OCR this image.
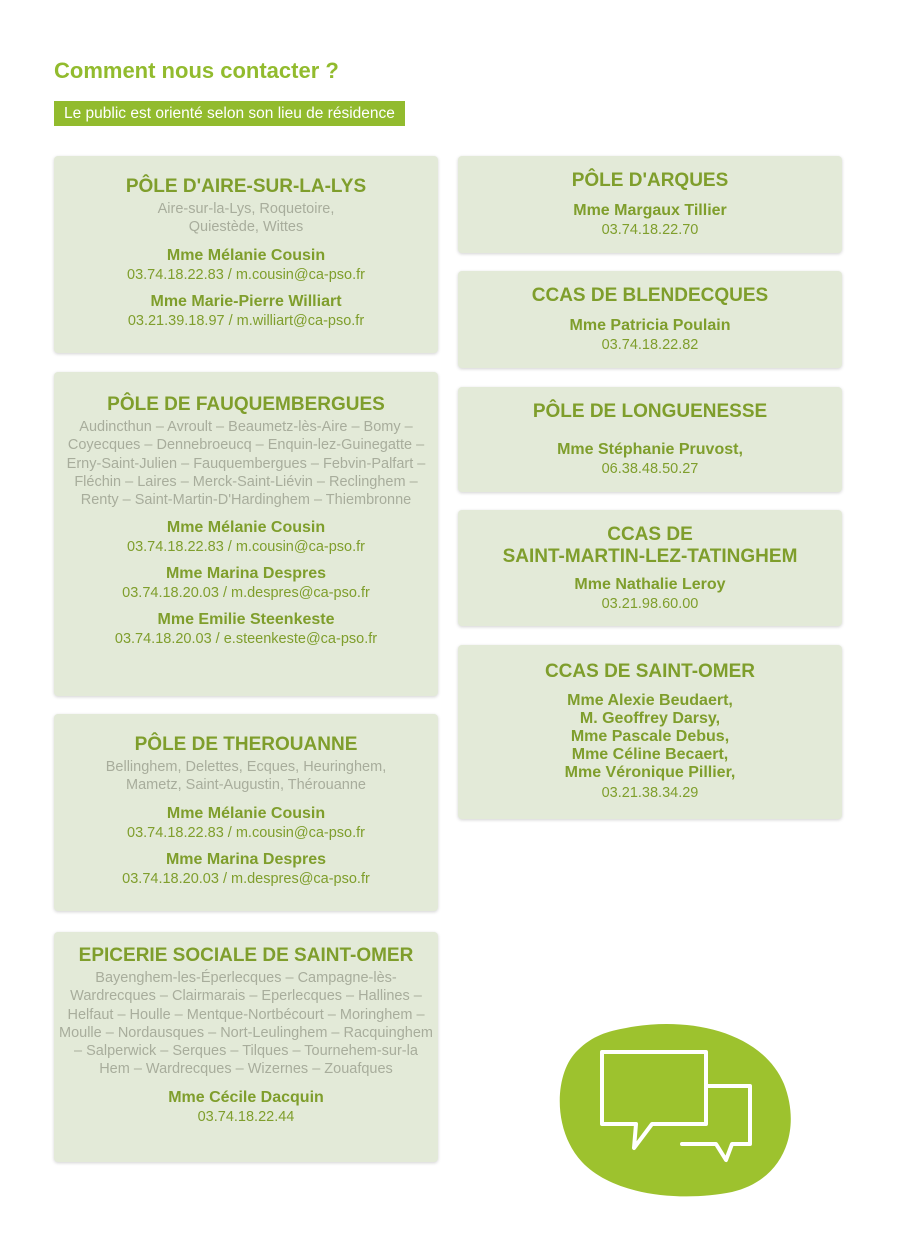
Comment nous contacter ?
Le public est orienté selon son lieu de résidence
PÔLE D'AIRE-SUR-LA-LYS

Aire-sur-la-Lys, Roquetoire, Quiestède, Wittes

Mme Mélanie Cousin
03.74.18.22.83 / m.cousin@ca-pso.fr
Mme Marie-Pierre Williart
03.21.39.18.97 / m.williart@ca-pso.fr
PÔLE DE FAUQUEMBERGUES

Audincthun – Avroult – Beaumetz-lès-Aire – Bomy – Coyecques – Dennebroeucq – Enquin-lez-Guinegatte – Erny-Saint-Julien – Fauquembergues – Febvin-Palfart – Fléchin – Laires – Merck-Saint-Liévin – Reclinghem – Renty – Saint-Martin-D'Hardinghem – Thiembronne

Mme Mélanie Cousin
03.74.18.22.83 / m.cousin@ca-pso.fr
Mme Marina Despres
03.74.18.20.03 / m.despres@ca-pso.fr
Mme Emilie Steenkeste
03.74.18.20.03 / e.steenkeste@ca-pso.fr
PÔLE DE THEROUANNE

Bellinghem, Delettes, Ecques, Heuringhem, Mametz, Saint-Augustin, Thérouanne

Mme Mélanie Cousin
03.74.18.22.83 / m.cousin@ca-pso.fr
Mme Marina Despres
03.74.18.20.03 / m.despres@ca-pso.fr
EPICERIE SOCIALE DE SAINT-OMER

Bayenghem-les-Éperlecques – Campagne-lès-Wardrecques – Clairmarais – Eperlecques – Hallines – Helfaut – Houlle – Mentque-Nortbécourt – Moringhem – Moulle – Nordausques – Nort-Leulinghem – Racquinghem – Salperwick – Serques – Tilques – Tournehem-sur-la Hem – Wardrecques – Wizernes – Zouafques

Mme Cécile Dacquin
03.74.18.22.44
PÔLE D'ARQUES
Mme Margaux Tillier
03.74.18.22.70
CCAS DE BLENDECQUES
Mme Patricia Poulain
03.74.18.22.82
PÔLE DE LONGUENESSE
Mme Stéphanie Pruvost,
06.38.48.50.27
CCAS DE
SAINT-MARTIN-LEZ-TATINGHEM
Mme Nathalie Leroy
03.21.98.60.00
CCAS DE SAINT-OMER
Mme Alexie Beudaert,
M. Geoffrey Darsy,
Mme Pascale Debus,
Mme Céline Becaert,
Mme Véronique Pillier,
03.21.38.34.29
